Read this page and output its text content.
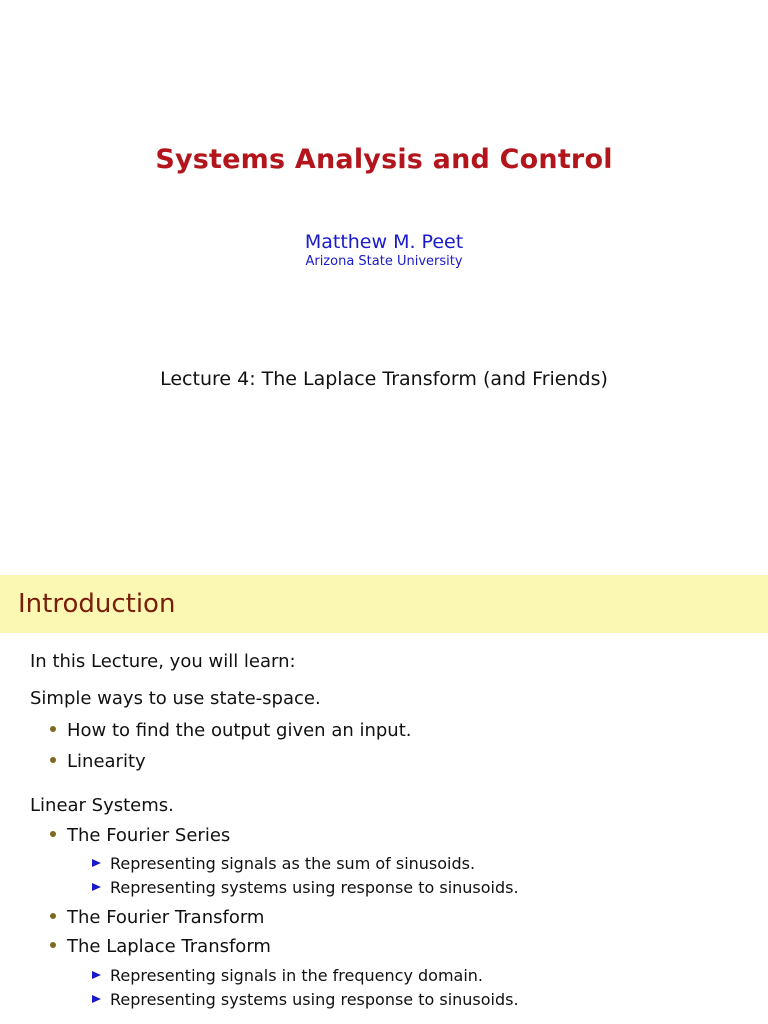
Systems Analysis and Control
Matthew M. Peet
Arizona State University
Lecture 4: The Laplace Transform (and Friends)
Introduction
In this Lecture, you will learn:
Simple ways to use state-space.
How to find the output given an input.
Linearity
Linear Systems.
The Fourier Series
Representing signals as the sum of sinusoids.
Representing systems using response to sinusoids.
The Fourier Transform
The Laplace Transform
Representing signals in the frequency domain.
Representing systems using response to sinusoids.
